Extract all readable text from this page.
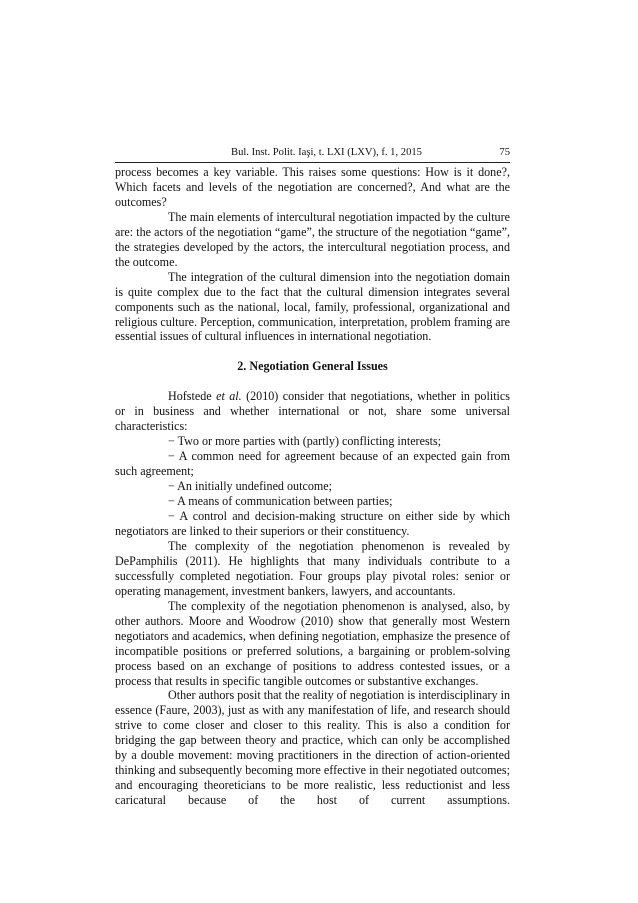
Bul. Inst. Polit. Iaşi, t. LXI (LXV), f. 1, 2015	75

process becomes a key variable. This raises some questions: How is it done?, Which facets and levels of the negotiation are concerned?, And what are the outcomes?

The main elements of intercultural negotiation impacted by the culture are: the actors of the negotiation “game”, the structure of the negotiation “game”, the strategies developed by the actors, the intercultural negotiation process, and the outcome.

The integration of the cultural dimension into the negotiation domain is quite complex due to the fact that the cultural dimension integrates several components such as the national, local, family, professional, organizational and religious culture. Perception, communication, interpretation, problem framing are essential issues of cultural influences in international negotiation.

2. Negotiation General Issues

Hofstede et al. (2010) consider that negotiations, whether in politics or in business and whether international or not, share some universal characteristics:

− Two or more parties with (partly) conflicting interests;

− A common need for agreement because of an expected gain from such agreement;

− An initially undefined outcome;

− A means of communication between parties;

− A control and decision-making structure on either side by which negotiators are linked to their superiors or their constituency.

The complexity of the negotiation phenomenon is revealed by DePamphilis (2011). He highlights that many individuals contribute to a successfully completed negotiation. Four groups play pivotal roles: senior or operating management, investment bankers, lawyers, and accountants.

The complexity of the negotiation phenomenon is analysed, also, by other authors. Moore and Woodrow (2010) show that generally most Western negotiators and academics, when defining negotiation, emphasize the presence of incompatible positions or preferred solutions, a bargaining or problem-solving process based on an exchange of positions to address contested issues, or a process that results in specific tangible outcomes or substantive exchanges.

Other authors posit that the reality of negotiation is interdisciplinary in essence (Faure, 2003), just as with any manifestation of life, and research should strive to come closer and closer to this reality. This is also a condition for bridging the gap between theory and practice, which can only be accomplished by a double movement: moving practitioners in the direction of action-oriented thinking and subsequently becoming more effective in their negotiated outcomes; and encouraging theoreticians to be more realistic, less reductionist and less caricatural because of the host of current assumptions.
